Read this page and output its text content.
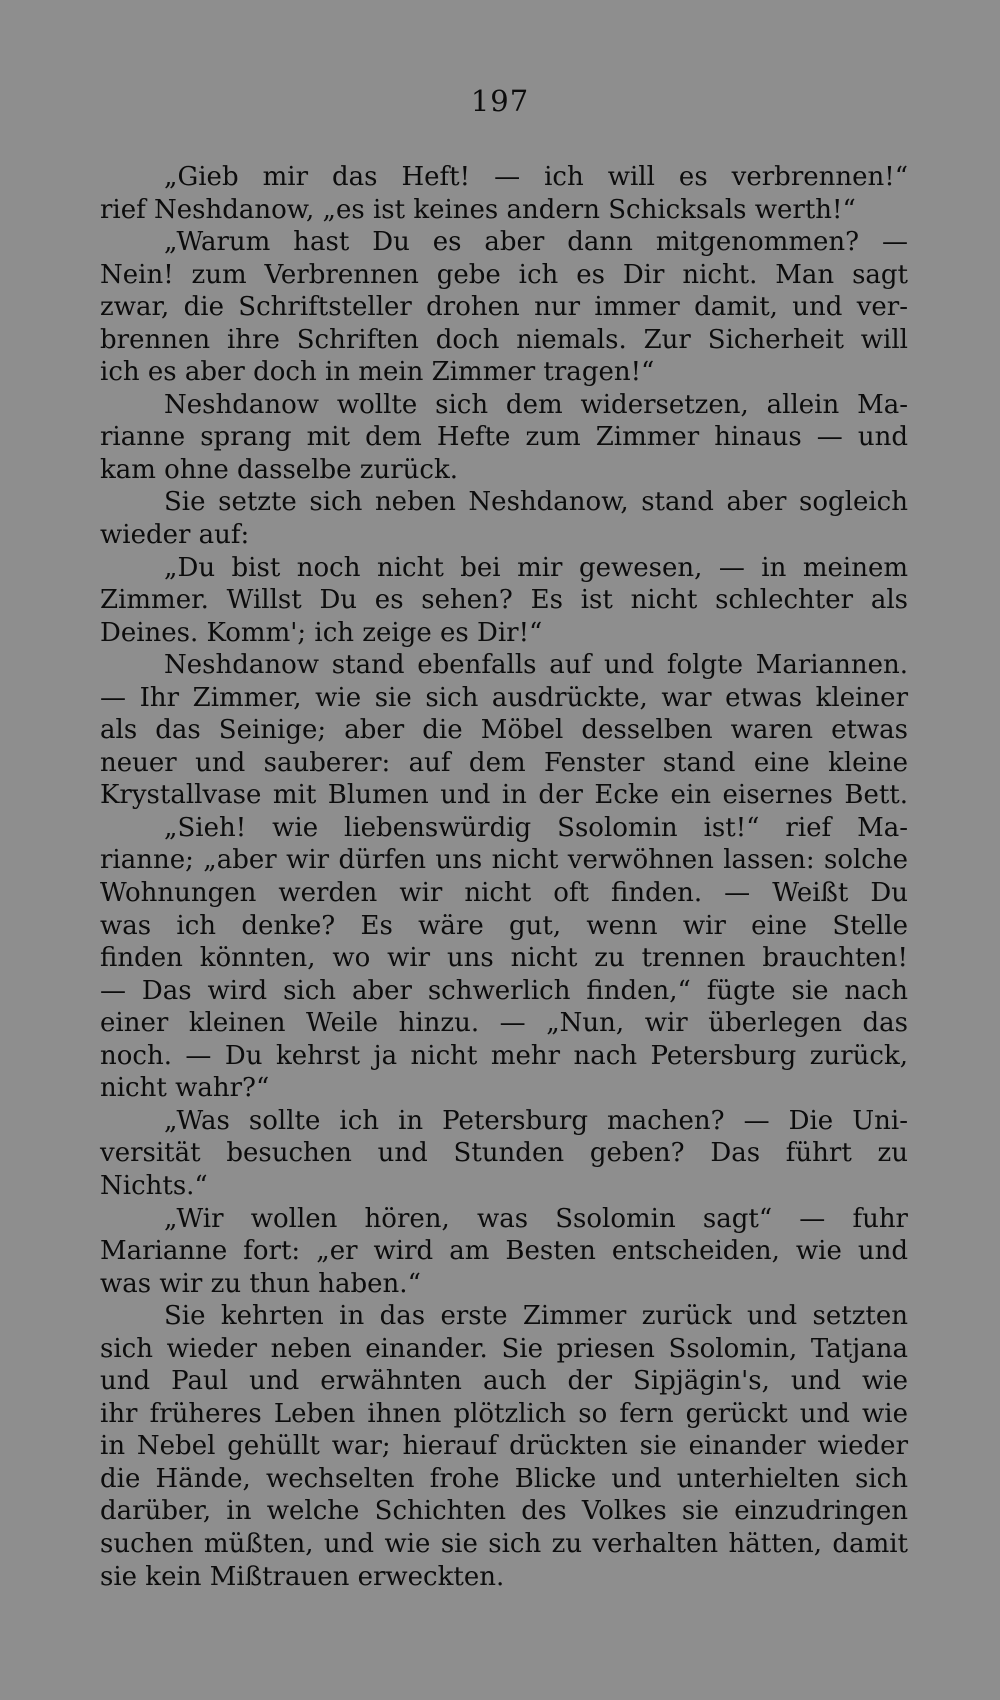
197
„Gieb mir das Heft! — ich will es verbrennen!“
rief Neshdanow, „es ist keines andern Schicksals werth!“
„Warum hast Du es aber dann mitgenommen? —
Nein! zum Verbrennen gebe ich es Dir nicht. Man sagt
zwar, die Schriftsteller drohen nur immer damit, und ver-
brennen ihre Schriften doch niemals. Zur Sicherheit will
ich es aber doch in mein Zimmer tragen!“
Neshdanow wollte sich dem widersetzen, allein Ma-
rianne sprang mit dem Hefte zum Zimmer hinaus — und
kam ohne dasselbe zurück.
Sie setzte sich neben Neshdanow, stand aber sogleich
wieder auf:
„Du bist noch nicht bei mir gewesen, — in meinem
Zimmer. Willst Du es sehen? Es ist nicht schlechter als
Deines. Komm'; ich zeige es Dir!“
Neshdanow stand ebenfalls auf und folgte Mariannen.
— Ihr Zimmer, wie sie sich ausdrückte, war etwas kleiner
als das Seinige; aber die Möbel desselben waren etwas
neuer und sauberer: auf dem Fenster stand eine kleine
Krystallvase mit Blumen und in der Ecke ein eisernes Bett.
„Sieh! wie liebenswürdig Ssolomin ist!“ rief Ma-
rianne; „aber wir dürfen uns nicht verwöhnen lassen: solche
Wohnungen werden wir nicht oft finden. — Weißt Du
was ich denke? Es wäre gut, wenn wir eine Stelle
finden könnten, wo wir uns nicht zu trennen brauchten!
— Das wird sich aber schwerlich finden,“ fügte sie nach
einer kleinen Weile hinzu. — „Nun, wir überlegen das
noch. — Du kehrst ja nicht mehr nach Petersburg zurück,
nicht wahr?“
„Was sollte ich in Petersburg machen? — Die Uni-
versität besuchen und Stunden geben? Das führt zu
Nichts.“
„Wir wollen hören, was Ssolomin sagt“ — fuhr
Marianne fort: „er wird am Besten entscheiden, wie und
was wir zu thun haben.“
Sie kehrten in das erste Zimmer zurück und setzten
sich wieder neben einander. Sie priesen Ssolomin, Tatjana
und Paul und erwähnten auch der Sipjägin's, und wie
ihr früheres Leben ihnen plötzlich so fern gerückt und wie
in Nebel gehüllt war; hierauf drückten sie einander wieder
die Hände, wechselten frohe Blicke und unterhielten sich
darüber, in welche Schichten des Volkes sie einzudringen
suchen müßten, und wie sie sich zu verhalten hätten, damit
sie kein Mißtrauen erweckten.
